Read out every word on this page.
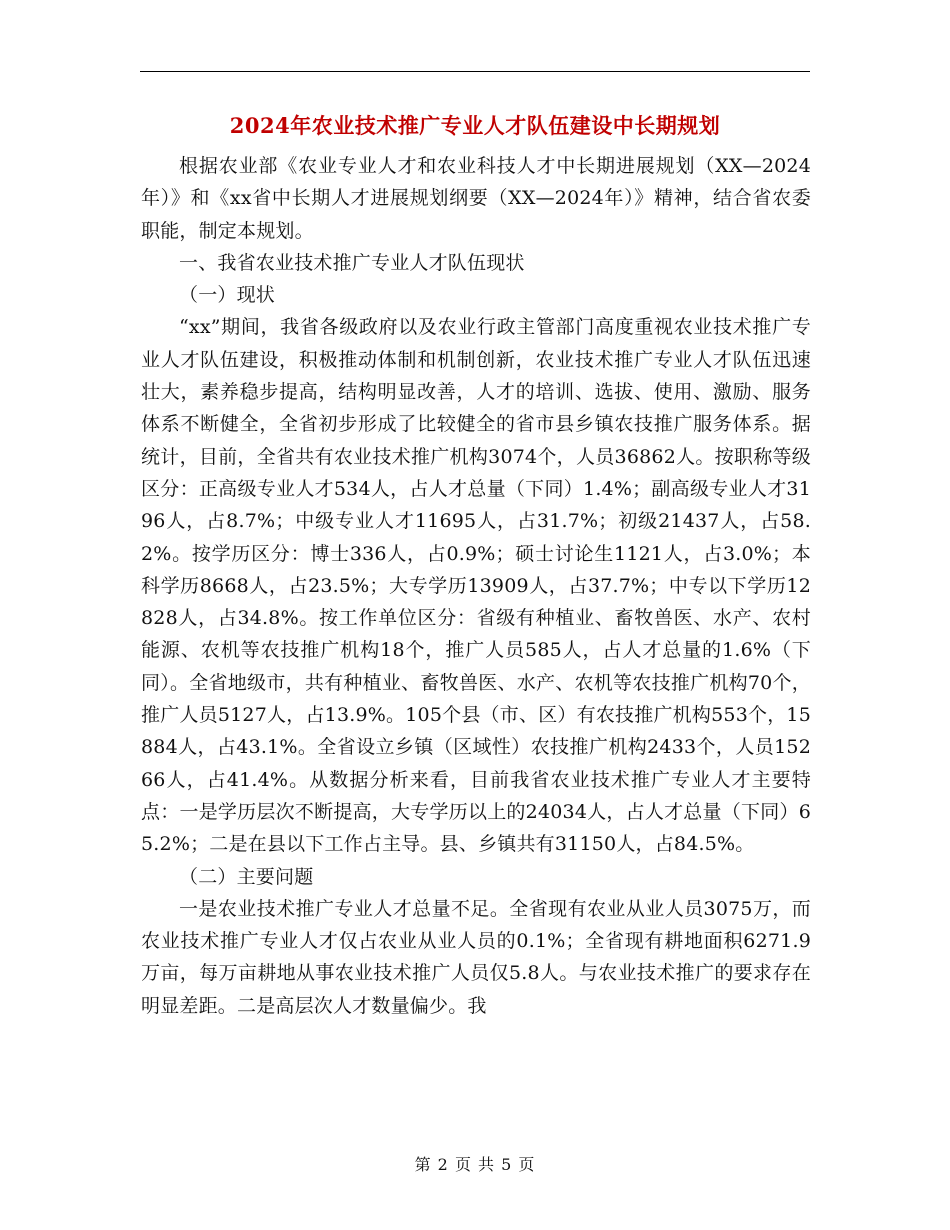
2024年农业技术推广专业人才队伍建设中长期规划

根据农业部《农业专业人才和农业科技人才中长期进展规划（XX—2024年）》和《xx省中长期人才进展规划纲要（XX—2024年）》精神，结合省农委职能，制定本规划。

一、我省农业技术推广专业人才队伍现状

（一）现状

“xx”期间，我省各级政府以及农业行政主管部门高度重视农业技术推广专业人才队伍建设，积极推动体制和机制创新，农业技术推广专业人才队伍迅速壮大，素养稳步提高，结构明显改善，人才的培训、选拔、使用、激励、服务体系不断健全，全省初步形成了比较健全的省市县乡镇农技推广服务体系。据统计，目前，全省共有农业技术推广机构3074个，人员36862人。按职称等级区分：正高级专业人才534人，占人才总量（下同）1.4%；副高级专业人才3196人，占8.7%；中级专业人才11695人，占31.7%；初级21437人，占58.2%。按学历区分：博士336人，占0.9%；硕士讨论生1121人，占3.0%；本科学历8668人，占23.5%；大专学历13909人，占37.7%；中专以下学历12828人，占34.8%。按工作单位区分：省级有种植业、畜牧兽医、水产、农村能源、农机等农技推广机构18个，推广人员585人，占人才总量的1.6%（下同）。全省地级市，共有种植业、畜牧兽医、水产、农机等农技推广机构70个，推广人员5127人，占13.9%。105个县（市、区）有农技推广机构553个，15884人，占43.1%。全省设立乡镇（区域性）农技推广机构2433个，人员15266人，占41.4%。从数据分析来看，目前我省农业技术推广专业人才主要特点：一是学历层次不断提高，大专学历以上的24034人，占人才总量（下同）65.2%；二是在县以下工作占主导。县、乡镇共有31150人，占84.5%。

（二）主要问题

一是农业技术推广专业人才总量不足。全省现有农业从业人员3075万，而农业技术推广专业人才仅占农业从业人员的0.1%；全省现有耕地面积6271.9万亩，每万亩耕地从事农业技术推广人员仅5.8人。与农业技术推广的要求存在明显差距。二是高层次人才数量偏少。我

第 2 页 共 5 页
